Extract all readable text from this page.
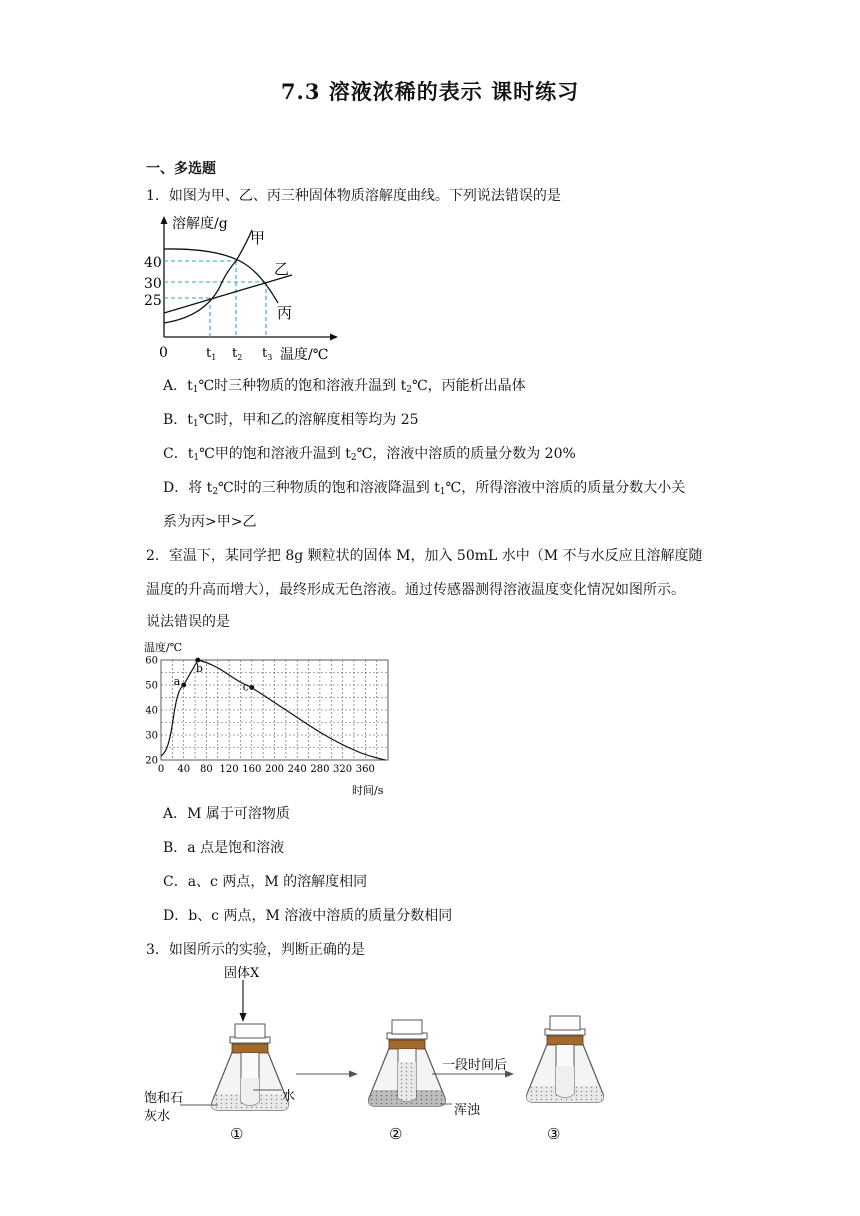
7.3 溶液浓稀的表示 课时练习
一、多选题
1．如图为甲、乙、丙三种固体物质溶解度曲线。下列说法错误的是
溶解度/g
甲
乙
丙
40
30
25
0	$t_1$ $t_2$ $t_3$ 温度/℃
A．$t_1℃$时三种物质的饱和溶液升温到 $t_2℃$，丙能析出晶体
B．$t_1℃$时，甲和乙的溶解度相等均为 25
C．$t_1℃$甲的饱和溶液升温到 $t_2℃$，溶液中溶质的质量分数为 20%
D．将 $t_2℃$时的三种物质的饱和溶液降温到 $t_1℃$，所得溶液中溶质的质量分数大小关
系为丙>甲>乙
2．室温下，某同学把 8g 颗粒状的固体 M，加入 50mL 水中（M 不与水反应且溶解度随
温度的升高而增大），最终形成无色溶液。通过传感器测得溶液温度变化情况如图所示。
说法错误的是
温度/℃
时间/s
0 40 80 120 160 200 240 280 320 360
20
30
40
50
60
a
b
c
A．M 属于可溶物质
B．a 点是饱和溶液
C．a、c 两点，M 的溶解度相同
D．b、c 两点，M 溶液中溶质的质量分数相同
3．如图所示的实验，判断正确的是
固体X
水
饱和石
灰水	浑浊
一段时间后
①	②	③
